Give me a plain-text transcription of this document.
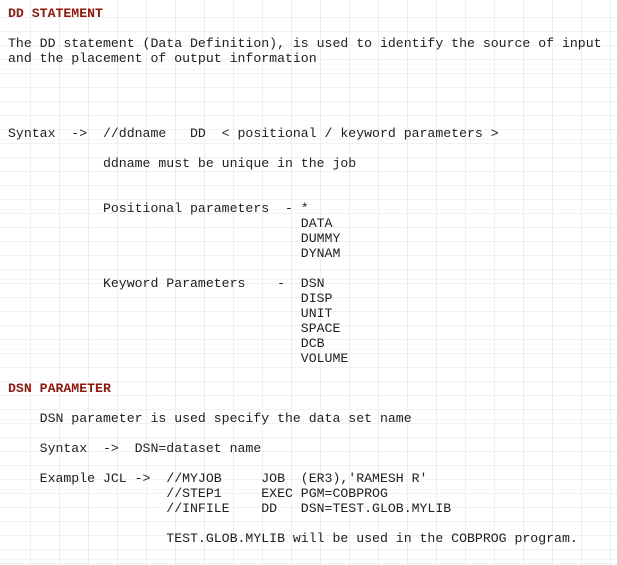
DD STATEMENT
The DD statement (Data Definition), is used to identify the source of input
and the placement of output information
Syntax  ->  //ddname   DD  < positional / keyword parameters >
ddname must be unique in the job
Positional parameters  - *
DATA
DUMMY
DYNAM
Keyword Parameters    -  DSN
DISP
UNIT
SPACE
DCB
VOLUME
DSN PARAMETER
DSN parameter is used specify the data set name
Syntax  ->  DSN=dataset name
Example JCL ->  //MYJOB     JOB  (ER3),'RAMESH R'
//STEP1     EXEC PGM=COBPROG
//INFILE    DD   DSN=TEST.GLOB.MYLIB
TEST.GLOB.MYLIB will be used in the COBPROG program.
